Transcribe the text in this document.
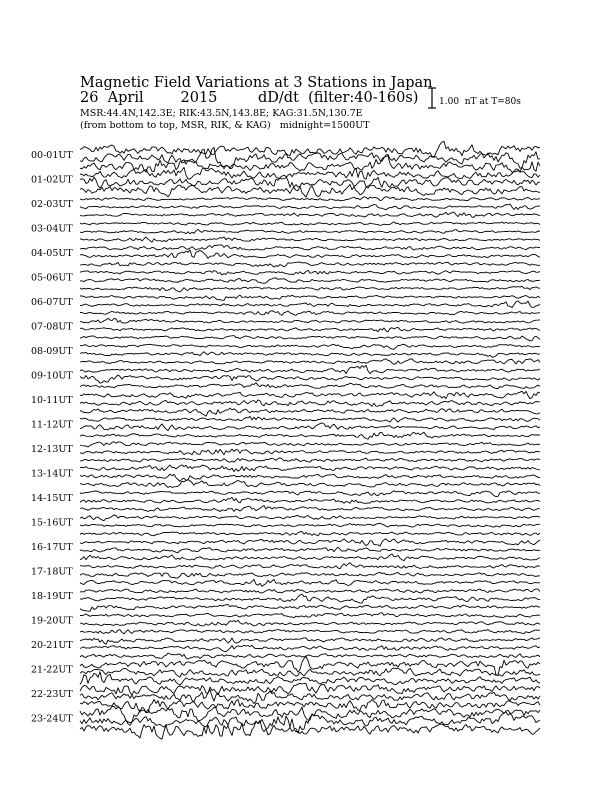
Magnetic Field Variations at 3 Stations in Japan
26  April        2015	dD/dt  (filter:40-160s)
MSR:44.4N,142.3E; RIK:43.5N,143.8E; KAG:31.5N,130.7E
(from bottom to top, MSR, RIK, & KAG)   midnight=1500UT
1.00  nT at T=80s
00-01UT
01-02UT
02-03UT
03-04UT
04-05UT
05-06UT
06-07UT
07-08UT
08-09UT
09-10UT
10-11UT
11-12UT
12-13UT
13-14UT
14-15UT
15-16UT
16-17UT
17-18UT
18-19UT
19-20UT
20-21UT
21-22UT
22-23UT
23-24UT
